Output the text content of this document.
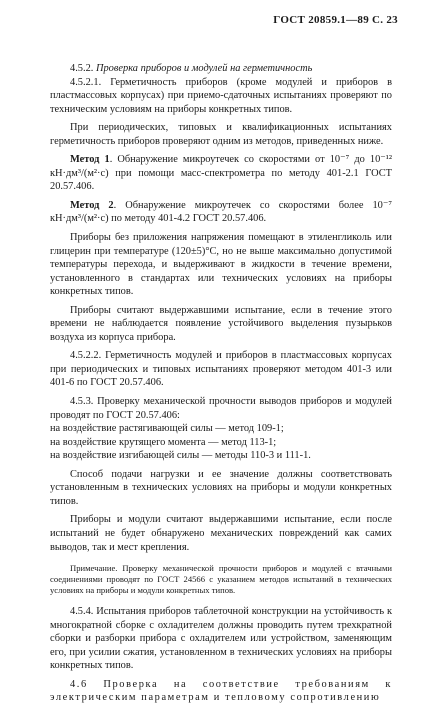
ГОСТ 20859.1—89 С. 23

4.5.2. Проверка приборов и модулей на герметичность

4.5.2.1. Герметичность приборов (кроме модулей и приборов в пластмассовых корпусах) при приемо-сдаточных испытаниях проверяют по техническим условиям на приборы конкретных типов.

При периодических, типовых и квалификационных испытаниях герметичность приборов проверяют одним из методов, приведенных ниже.

Метод 1. Обнаружение микроутечек со скоростями от 10⁻⁷ до 10⁻¹² кН·дм³/(м²·с) при помощи масс-спектрометра по методу 401-2.1 ГОСТ 20.57.406.

Метод 2. Обнаружение микроутечек со скоростями более 10⁻⁷ кН·дм³/(м²·с) по методу 401-4.2 ГОСТ 20.57.406.

Приборы без приложения напряжения помещают в этиленгликоль или глицерин при температуре (120±5)°С, но не выше максимально допустимой температуры перехода, и выдерживают в жидкости в течение времени, установленного в стандартах или технических условиях на приборы конкретных типов.

Приборы считают выдержавшими испытание, если в течение этого времени не наблюдается появление устойчивого выделения пузырьков воздуха из корпуса прибора.

4.5.2.2. Герметичность модулей и приборов в пластмассовых корпусах при периодических и типовых испытаниях проверяют методом 401-3 или 401-6 по ГОСТ 20.57.406.

4.5.3. Проверку механической прочности выводов приборов и модулей проводят по ГОСТ 20.57.406:

на воздействие растягивающей силы — метод 109-1;

на воздействие крутящего момента — метод 113-1;

на воздействие изгибающей силы — методы 110-3 и 111-1.

Способ подачи нагрузки и ее значение должны соответствовать установленным в технических условиях на приборы и модули конкретных типов.

Приборы и модули считают выдержавшими испытание, если после испытаний не будет обнаружено механических повреждений как самих выводов, так и мест крепления.

Примечание. Проверку механической прочности приборов и модулей с втачными соединениями проводят по ГОСТ 24566 с указанием методов испытаний в технических условиях на приборы и модули конкретных типов.

4.5.4. Испытания приборов таблеточной конструкции на устойчивость к многократной сборке с охладителем должны проводить путем трехкратной сборки и разборки прибора с охладителем или устройством, заменяющим его, при усилии сжатия, установленном в технических условиях на приборы конкретных типов.

4.6 Проверка на соответствие требованиям к электрическим параметрам и тепловому сопротивлению
